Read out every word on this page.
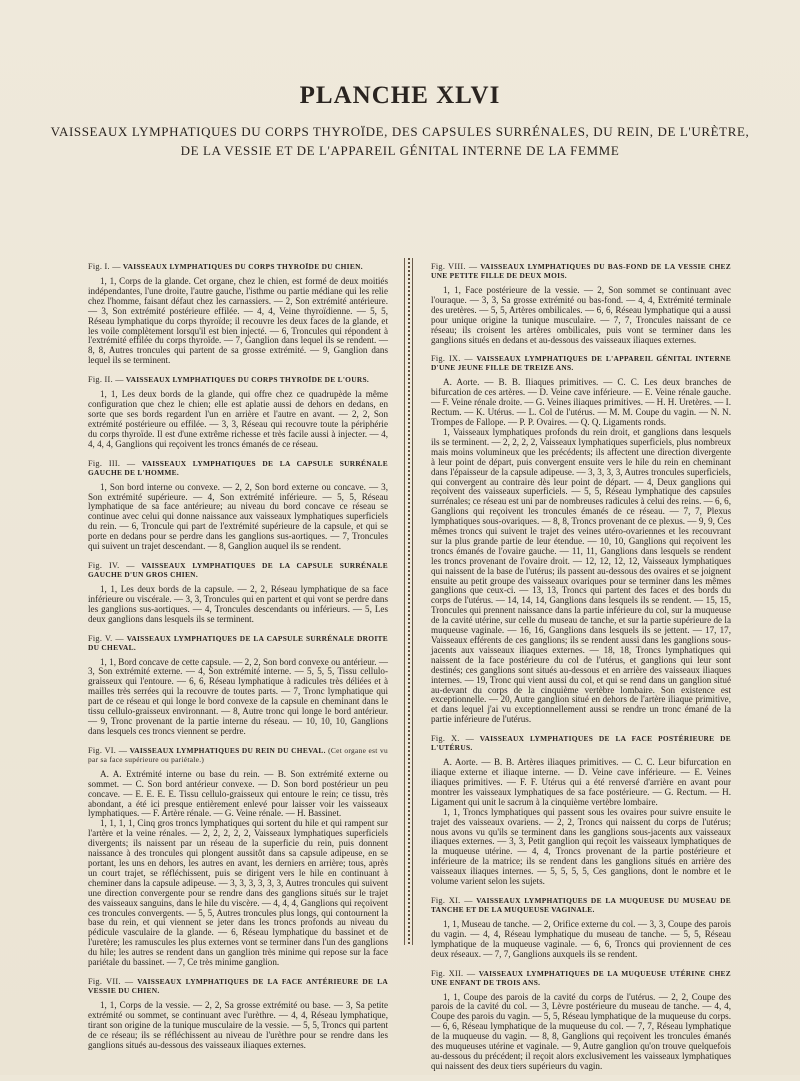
PLANCHE XLVI
VAISSEAUX LYMPHATIQUES DU CORPS THYROÏDE, DES CAPSULES SURRÉNALES, DU REIN, DE L'URÈTRE,
DE LA VESSIE ET DE L'APPAREIL GÉNITAL INTERNE DE LA FEMME
Fig. I. — VAISSEAUX LYMPHATIQUES DU CORPS THYROÏDE DU CHIEN.

1, 1, Corps de la glande. Cet organe, chez le chien, est formé de deux moitiés indépendantes, l'une droite, l'autre gauche, l'isthme ou partie médiane qui les relie chez l'homme, faisant défaut chez les carnassiers. — 2, Son extrémité antérieure. — 3, Son extrémité postérieure effilée. — 4, 4, Veine thyroïdienne. — 5, 5, Réseau lymphatique du corps thyroïde; il recouvre les deux faces de la glande, et les voile complètement lorsqu'il est bien injecté. — 6, Troncules qui répondent à l'extrémité effilée du corps thyroïde. — 7, Ganglion dans lequel ils se rendent. — 8, 8, Autres troncules qui partent de sa grosse extrémité. — 9, Ganglion dans lequel ils se terminent.

Fig. II. — VAISSEAUX LYMPHATIQUES DU CORPS THYROÏDE DE L'OURS.

1, 1, Les deux bords de la glande, qui offre chez ce quadrupède la même configuration que chez le chien; elle est aplatie aussi de dehors en dedans, en sorte que ses bords regardent l'un en arrière et l'autre en avant. — 2, 2, Son extrémité postérieure ou effilée. — 3, 3, Réseau qui recouvre toute la périphérie du corps thyroïde. Il est d'une extrême richesse et très facile aussi à injecter. — 4, 4, 4, 4, Ganglions qui reçoivent les troncs émanés de ce réseau.

Fig. III. — VAISSEAUX LYMPHATIQUES DE LA CAPSULE SURRÉNALE GAUCHE DE L'HOMME.

1, Son bord interne ou convexe. — 2, 2, Son bord externe ou concave. — 3, Son extrémité supérieure. — 4, Son extrémité inférieure. — 5, 5, Réseau lymphatique de sa face antérieure; au niveau du bord concave ce réseau se continue avec celui qui donne naissance aux vaisseaux lymphatiques superficiels du rein. — 6, Troncule qui part de l'extrémité supérieure de la capsule, et qui se porte en dedans pour se perdre dans les ganglions sus-aortiques. — 7, Troncules qui suivent un trajet descendant. — 8, Ganglion auquel ils se rendent.

Fig. IV. — VAISSEAUX LYMPHATIQUES DE LA CAPSULE SURRÉNALE GAUCHE D'UN GROS CHIEN.

1, 1, Les deux bords de la capsule. — 2, 2, Réseau lymphatique de sa face inférieure ou viscérale. — 3, 3, Troncules qui en partent et qui vont se perdre dans les ganglions sus-aortiques. — 4, Troncules descendants ou inférieurs. — 5, Les deux ganglions dans lesquels ils se terminent.

Fig. V. — VAISSEAUX LYMPHATIQUES DE LA CAPSULE SURRÉNALE DROITE DU CHEVAL.

1, 1, Bord concave de cette capsule. — 2, 2, Son bord convexe ou antérieur. — 3, Son extrémité externe. — 4, Son extrémité interne. — 5, 5, 5, Tissu cellulo-graisseux qui l'entoure. — 6, 6, Réseau lymphatique à radicules très déliées et à mailles très serrées qui la recouvre de toutes parts. — 7, Tronc lymphatique qui part de ce réseau et qui longe le bord convexe de la capsule en cheminant dans le tissu cellulo-graisseux environnant. — 8, Autre tronc qui longe le bord antérieur. — 9, Tronc provenant de la partie interne du réseau. — 10, 10, 10, Ganglions dans lesquels ces troncs viennent se perdre.

Fig. VI. — VAISSEAUX LYMPHATIQUES DU REIN DU CHEVAL. (Cet organe est vu par sa face supérieure ou pariétale.)

A. A. Extrémité interne ou base du rein. — B. Son extrémité externe ou sommet. — C. Son bord antérieur convexe. — D. Son bord postérieur un peu concave. — E. E. E. E. Tissu cellulo-graisseux qui entoure le rein; ce tissu, très abondant, a été ici presque entièrement enlevé pour laisser voir les vaisseaux lymphatiques. — F. Artère rénale. — G. Veine rénale. — H. Bassinet.

1, 1, 1, 1, Cinq gros troncs lymphatiques qui sortent du hile et qui rampent sur l'artère et la veine rénales. — 2, 2, 2, 2, 2, Vaisseaux lymphatiques superficiels divergents; ils naissent par un réseau de la superficie du rein, puis donnent naissance à des troncules qui plongent aussitôt dans sa capsule adipeuse, en se portant, les uns en dehors, les autres en avant, les derniers en arrière; tous, après un court trajet, se réfléchissent, puis se dirigent vers le hile en continuant à cheminer dans la capsule adipeuse. — 3, 3, 3, 3, 3, 3, Autres troncules qui suivent une direction convergente pour se rendre dans des ganglions situés sur le trajet des vaisseaux sanguins, dans le hile du viscère. — 4, 4, 4, Ganglions qui reçoivent ces troncules convergents. — 5, 5, Autres troncules plus longs, qui contournent la base du rein, et qui viennent se jeter dans les troncs profonds au niveau du pédicule vasculaire de la glande. — 6, Réseau lymphatique du bassinet et de l'uretère; les ramuscules les plus externes vont se terminer dans l'un des ganglions du hile; les autres se rendent dans un ganglion très minime qui repose sur la face pariétale du bassinet. — 7, Ce très minime ganglion.

Fig. VII. — VAISSEAUX LYMPHATIQUES DE LA FACE ANTÉRIEURE DE LA VESSIE DU CHIEN.

1, 1, Corps de la vessie. — 2, 2, Sa grosse extrémité ou base. — 3, Sa petite extrémité ou sommet, se continuant avec l'urèthre. — 4, 4, Réseau lymphatique, tirant son origine de la tunique musculaire de la vessie. — 5, 5, Troncs qui partent de ce réseau; ils se réfléchissent au niveau de l'urèthre pour se rendre dans les ganglions situés au-dessous des vaisseaux iliaques externes.

Fig. VIII. — VAISSEAUX LYMPHATIQUES DU BAS-FOND DE LA VESSIE CHEZ UNE PETITE FILLE DE DEUX MOIS.

1, 1, Face postérieure de la vessie. — 2, Son sommet se continuant avec l'ouraque. — 3, 3, Sa grosse extrémité ou bas-fond. — 4, 4, Extrémité terminale des uretères. — 5, 5, Artères ombilicales. — 6, 6, Réseau lymphatique qui a aussi pour unique origine la tunique musculaire. — 7, 7, Troncules naissant de ce réseau; ils croisent les artères ombilicales, puis vont se terminer dans les ganglions situés en dedans et au-dessous des vaisseaux iliaques externes.

Fig. IX. — VAISSEAUX LYMPHATIQUES DE L'APPAREIL GÉNITAL INTERNE D'UNE JEUNE FILLE DE TREIZE ANS.

A. Aorte. — B. B. Iliaques primitives. — C. C. Les deux branches de bifurcation de ces artères. — D. Veine cave inférieure. — E. Veine rénale gauche. — F. Veine rénale droite. — G. Veines iliaques primitives. — H. H. Uretères. — I. Rectum. — K. Utérus. — L. Col de l'utérus. — M. M. Coupe du vagin. — N. N. Trompes de Fallope. — P. P. Ovaires. — Q. Q. Ligaments ronds.

1, Vaisseaux lymphatiques profonds du rein droit, et ganglions dans lesquels ils se terminent. — 2, 2, 2, 2, Vaisseaux lymphatiques superficiels, plus nombreux mais moins volumineux que les précédents; ils affectent une direction divergente à leur point de départ, puis convergent ensuite vers le hile du rein en cheminant dans l'épaisseur de la capsule adipeuse. — 3, 3, 3, 3, Autres troncules superficiels, qui convergent au contraire dès leur point de départ. — 4, Deux ganglions qui reçoivent des vaisseaux superficiels. — 5, 5, Réseau lymphatique des capsules surrénales; ce réseau est uni par de nombreuses radicules à celui des reins. — 6, 6, Ganglions qui reçoivent les troncules émanés de ce réseau. — 7, 7, Plexus lymphatiques sous-ovariques. — 8, 8, Troncs provenant de ce plexus. — 9, 9, Ces mêmes troncs qui suivent le trajet des veines utéro-ovariennes et les recouvrant sur la plus grande partie de leur étendue. — 10, 10, Ganglions qui reçoivent les troncs émanés de l'ovaire gauche. — 11, 11, Ganglions dans lesquels se rendent les troncs provenant de l'ovaire droit. — 12, 12, 12, 12, Vaisseaux lymphatiques qui naissent de la base de l'utérus; ils passent au-dessous des ovaires et se joignent ensuite au petit groupe des vaisseaux ovariques pour se terminer dans les mêmes ganglions que ceux-ci. — 13, 13, Troncs qui partent des faces et des bords du corps de l'utérus. — 14, 14, 14, Ganglions dans lesquels ils se rendent. — 15, 15, Troncules qui prennent naissance dans la partie inférieure du col, sur la muqueuse de la cavité utérine, sur celle du museau de tanche, et sur la partie supérieure de la muqueuse vaginale. — 16, 16, Ganglions dans lesquels ils se jettent. — 17, 17, Vaisseaux efférents de ces ganglions; ils se rendent aussi dans les ganglions sous-jacents aux vaisseaux iliaques externes. — 18, 18, Troncs lymphatiques qui naissent de la face postérieure du col de l'utérus, et ganglions qui leur sont destinés; ces ganglions sont situés au-dessous et en arrière des vaisseaux iliaques internes. — 19, Tronc qui vient aussi du col, et qui se rend dans un ganglion situé au-devant du corps de la cinquième vertèbre lombaire. Son existence est exceptionnelle. — 20, Autre ganglion situé en dehors de l'artère iliaque primitive, et dans lequel j'ai vu exceptionnellement aussi se rendre un tronc émané de la partie inférieure de l'utérus.

Fig. X. — VAISSEAUX LYMPHATIQUES DE LA FACE POSTÉRIEURE DE L'UTÉRUS.

A. Aorte. — B. B. Artères iliaques primitives. — C. C. Leur bifurcation en iliaque externe et iliaque interne. — D. Veine cave inférieure. — E. Veines iliaques primitives. — F. F. Utérus qui a été renversé d'arrière en avant pour montrer les vaisseaux lymphatiques de sa face postérieure. — G. Rectum. — H. Ligament qui unit le sacrum à la cinquième vertèbre lombaire.

1, 1, Troncs lymphatiques qui passent sous les ovaires pour suivre ensuite le trajet des vaisseaux ovariens. — 2, 2, Troncs qui naissent du corps de l'utérus; nous avons vu qu'ils se terminent dans les ganglions sous-jacents aux vaisseaux iliaques externes. — 3, 3, Petit ganglion qui reçoit les vaisseaux lymphatiques de la muqueuse utérine. — 4, 4, Troncs provenant de la partie postérieure et inférieure de la matrice; ils se rendent dans les ganglions situés en arrière des vaisseaux iliaques internes. — 5, 5, 5, 5, Ces ganglions, dont le nombre et le volume varient selon les sujets.

Fig. XI. — VAISSEAUX LYMPHATIQUES DE LA MUQUEUSE DU MUSEAU DE TANCHE ET DE LA MUQUEUSE VAGINALE.

1, 1, Museau de tanche. — 2, Orifice externe du col. — 3, 3, Coupe des parois du vagin. — 4, 4, Réseau lymphatique du museau de tanche. — 5, 5, Réseau lymphatique de la muqueuse vaginale. — 6, 6, Troncs qui proviennent de ces deux réseaux. — 7, 7, Ganglions auxquels ils se rendent.

Fig. XII. — VAISSEAUX LYMPHATIQUES DE LA MUQUEUSE UTÉRINE CHEZ UNE ENFANT DE TROIS ANS.

1, 1, Coupe des parois de la cavité du corps de l'utérus. — 2, 2, Coupe des parois de la cavité du col. — 3, Lèvre postérieure du museau de tanche. — 4, 4, Coupe des parois du vagin. — 5, 5, Réseau lymphatique de la muqueuse du corps. — 6, 6, Réseau lymphatique de la muqueuse du col. — 7, 7, Réseau lymphatique de la muqueuse du vagin. — 8, 8, Ganglions qui reçoivent les troncules émanés des muqueuses utérine et vaginale. — 9, Autre ganglion qu'on trouve quelquefois au-dessous du précédent; il reçoit alors exclusivement les vaisseaux lymphatiques qui naissent des deux tiers supérieurs du vagin.
